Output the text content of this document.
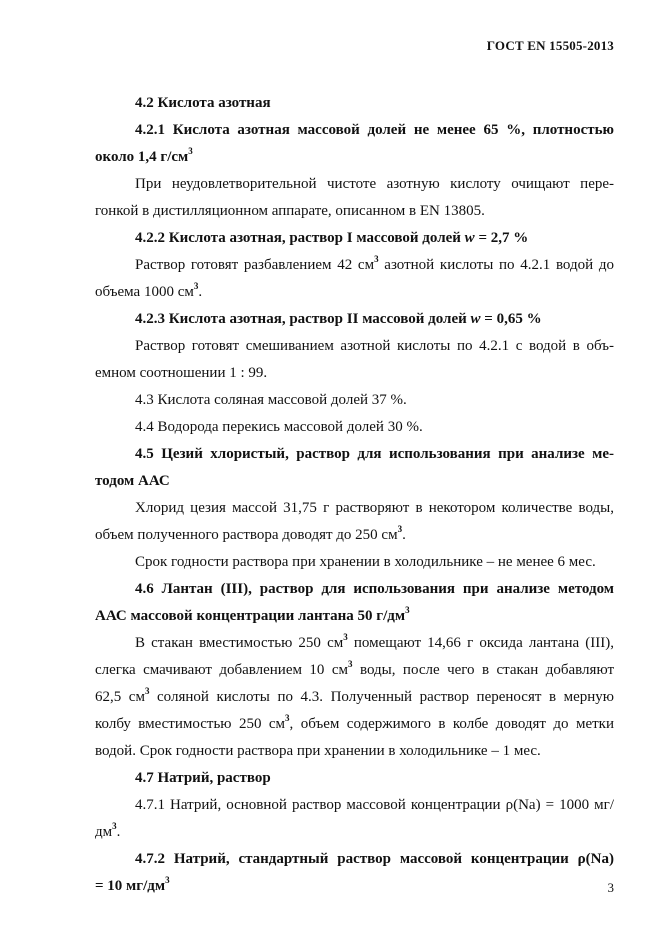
ГОСТ EN 15505-2013

4.2 Кислота азотная

4.2.1 Кислота азотная массовой долей не менее 65 %, плотностью
около 1,4 $г/см^3$

При неудовлетворительной чистоте азотную кислоту очищают пере-
гонкой в дистилляционном аппарате, описанном в EN 13805.

4.2.2 Кислота азотная, раствор I массовой долей w = 2,7 %

Раствор готовят разбавлением 42 $см^3$ азотной кислоты по 4.2.1 водой до
объема 1000 $см^3$.

4.2.3 Кислота азотная, раствор II массовой долей w = 0,65 %

Раствор готовят смешиванием азотной кислоты по 4.2.1 с водой в объ-
емном соотношении 1 : 99.

4.3 Кислота соляная массовой долей 37 %.

4.4 Водорода перекись массовой долей 30 %.

4.5 Цезий хлористый, раствор для использования при анализе ме-
тодом ААС

Хлорид цезия массой 31,75 г растворяют в некотором количестве воды,
объем полученного раствора доводят до 250 $см^3$.

Срок годности раствора при хранении в холодильнике – не менее 6 мес.

4.6 Лантан (III), раствор для использования при анализе методом
ААС массовой концентрации лантана 50 $г/дм^3$

В стакан вместимостью 250 $см^3$ помещают 14,66 г оксида лантана (III),
слегка смачивают добавлением 10 $см^3$ воды, после чего в стакан добавляют
62,5 $см^3$ соляной кислоты по 4.3. Полученный раствор переносят в мерную
колбу вместимостью 250 $см^3$, объем содержимого в колбе доводят до метки
водой. Срок годности раствора при хранении в холодильнике – 1 мес.

4.7 Натрий, раствор

4.7.1 Натрий, основной раствор массовой концентрации ρ(Na) = 1000 $мг/дм^3$.

4.7.2 Натрий, стандартный раствор массовой концентрации ρ(Na)
= 10 $мг/дм^3$	3
